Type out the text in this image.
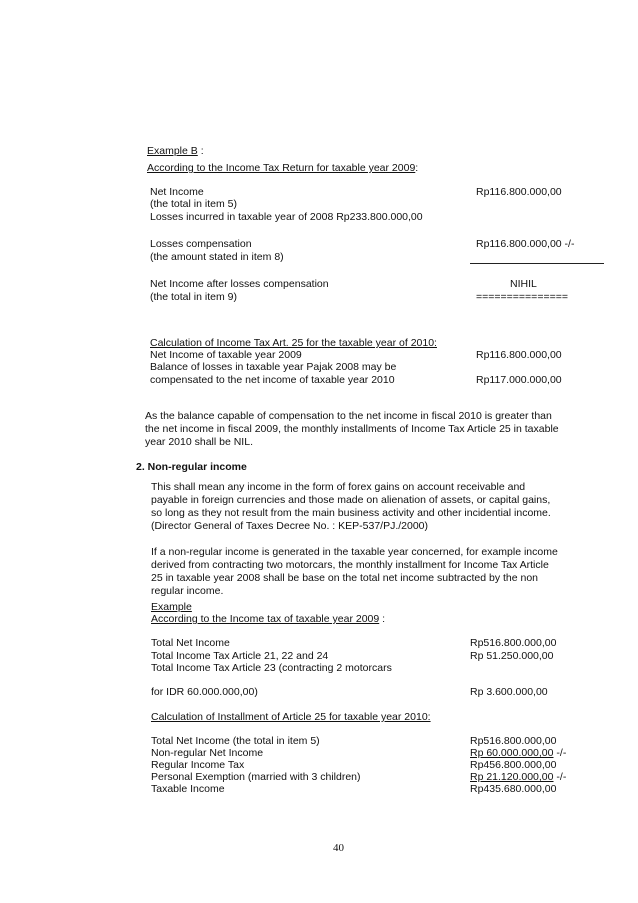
Example B :
According to the Income Tax Return for taxable year 2009:
Net Income	Rp116.800.000,00
(the total in item 5)
Losses incurred in taxable year of 2008 Rp233.800.000,00
Losses compensation	Rp116.800.000,00 -/-
(the amount stated in item 8)
Net Income after losses compensation	NIHIL
(the total in item 9)	===============
Calculation of Income Tax Art. 25 for the taxable year of 2010:
Net Income of taxable year 2009	Rp116.800.000,00
Balance of losses in taxable year Pajak 2008 may be
compensated to the net income of taxable year 2010	Rp117.000.000,00
As the balance capable of compensation to the net income in fiscal 2010 is greater than
the net income in fiscal 2009, the monthly installments of Income Tax Article 25 in taxable
year 2010 shall be NIL.
2. Non-regular income
This shall mean any income in the form of forex gains on account receivable and
payable in foreign currencies and those made on alienation of assets, or capital gains,
so long as they not result from the main business activity and other incidential income.
(Director General of Taxes Decree No. : KEP-537/PJ./2000)
If a non-regular income is generated in the taxable year concerned, for example income
derived from contracting two motorcars, the monthly installment for Income Tax Article
25 in taxable year 2008 shall be base on the total net income subtracted by the non
regular income.
Example
According to the Income tax of taxable year 2009 :
Total Net Income	Rp516.800.000,00
Total Income Tax Article 21, 22 and 24	Rp 51.250.000,00
Total Income Tax Article 23 (contracting 2 motorcars
for IDR 60.000.000,00)	Rp 3.600.000,00
Calculation of Installment of Article 25 for taxable year 2010:
Total Net Income (the total in item 5)	Rp516.800.000,00
Non-regular Net Income	Rp 60.000.000,00 -/-
Regular Income Tax	Rp456.800.000,00
Personal Exemption (married with 3 children)	Rp 21.120.000,00 -/-
Taxable Income	Rp435.680.000,00
40
